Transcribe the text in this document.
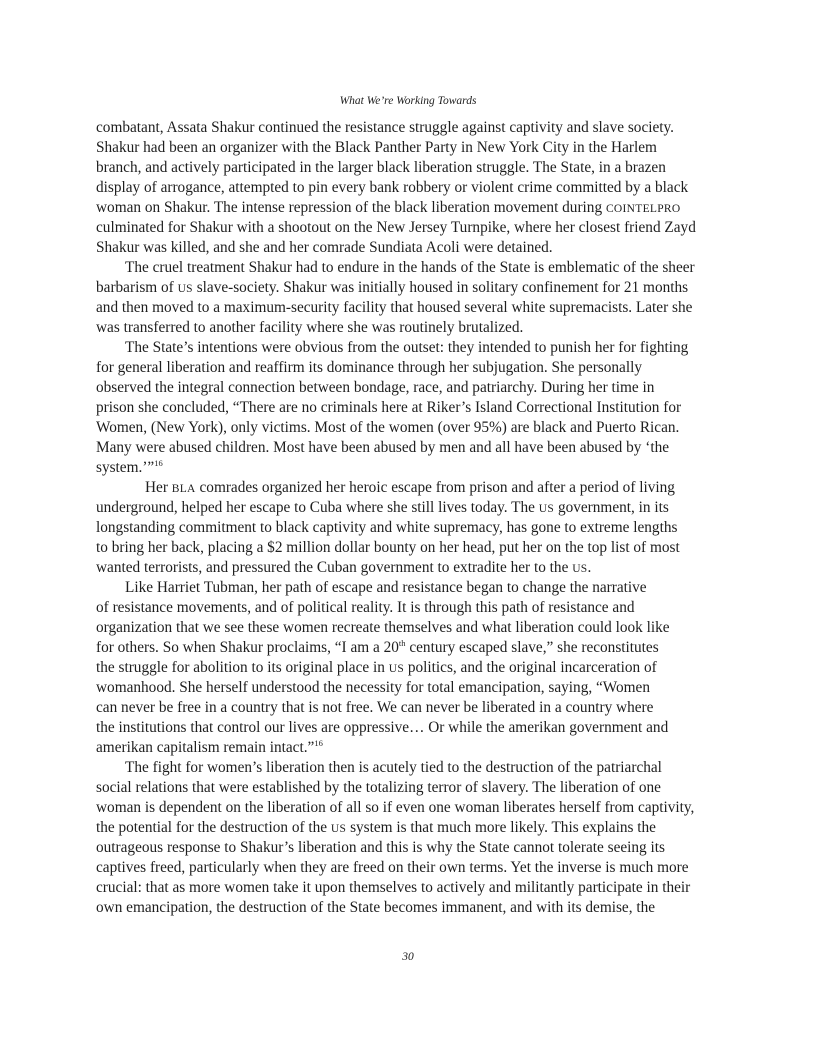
What We’re Working Towards
combatant, Assata Shakur continued the resistance struggle against captivity and slave society.
Shakur had been an organizer with the Black Panther Party in New York City in the Harlem
branch, and actively participated in the larger black liberation struggle. The State, in a brazen
display of arrogance, attempted to pin every bank robbery or violent crime committed by a black
woman on Shakur. The intense repression of the black liberation movement during COINTELPRO
culminated for Shakur with a shootout on the New Jersey Turnpike, where her closest friend Zayd
Shakur was killed, and she and her comrade Sundiata Acoli were detained.
The cruel treatment Shakur had to endure in the hands of the State is emblematic of the sheer
barbarism of US slave-society. Shakur was initially housed in solitary confinement for 21 months
and then moved to a maximum-security facility that housed several white supremacists. Later she
was transferred to another facility where she was routinely brutalized.
The State’s intentions were obvious from the outset: they intended to punish her for fighting
for general liberation and reaffirm its dominance through her subjugation. She personally
observed the integral connection between bondage, race, and patriarchy. During her time in
prison she concluded, “There are no criminals here at Riker’s Island Correctional Institution for
Women, (New York), only victims. Most of the women (over 95%) are black and Puerto Rican.
Many were abused children. Most have been abused by men and all have been abused by ‘the
system.’”$^{16}$
Her BLA comrades organized her heroic escape from prison and after a period of living
underground, helped her escape to Cuba where she still lives today. The US government, in its
longstanding commitment to black captivity and white supremacy, has gone to extreme lengths
to bring her back, placing a $2 million dollar bounty on her head, put her on the top list of most
wanted terrorists, and pressured the Cuban government to extradite her to the US.
Like Harriet Tubman, her path of escape and resistance began to change the narrative
of resistance movements, and of political reality. It is through this path of resistance and
organization that we see these women recreate themselves and what liberation could look like
for others. So when Shakur proclaims, “I am a 20th century escaped slave,” she reconstitutes
the struggle for abolition to its original place in US politics, and the original incarceration of
womanhood. She herself understood the necessity for total emancipation, saying, “Women
can never be free in a country that is not free. We can never be liberated in a country where
the institutions that control our lives are oppressive… Or while the amerikan government and
amerikan capitalism remain intact.”$^{16}$
The fight for women’s liberation then is acutely tied to the destruction of the patriarchal
social relations that were established by the totalizing terror of slavery. The liberation of one
woman is dependent on the liberation of all so if even one woman liberates herself from captivity,
the potential for the destruction of the US system is that much more likely. This explains the
outrageous response to Shakur’s liberation and this is why the State cannot tolerate seeing its
captives freed, particularly when they are freed on their own terms. Yet the inverse is much more
crucial: that as more women take it upon themselves to actively and militantly participate in their
own emancipation, the destruction of the State becomes immanent, and with its demise, the
30
